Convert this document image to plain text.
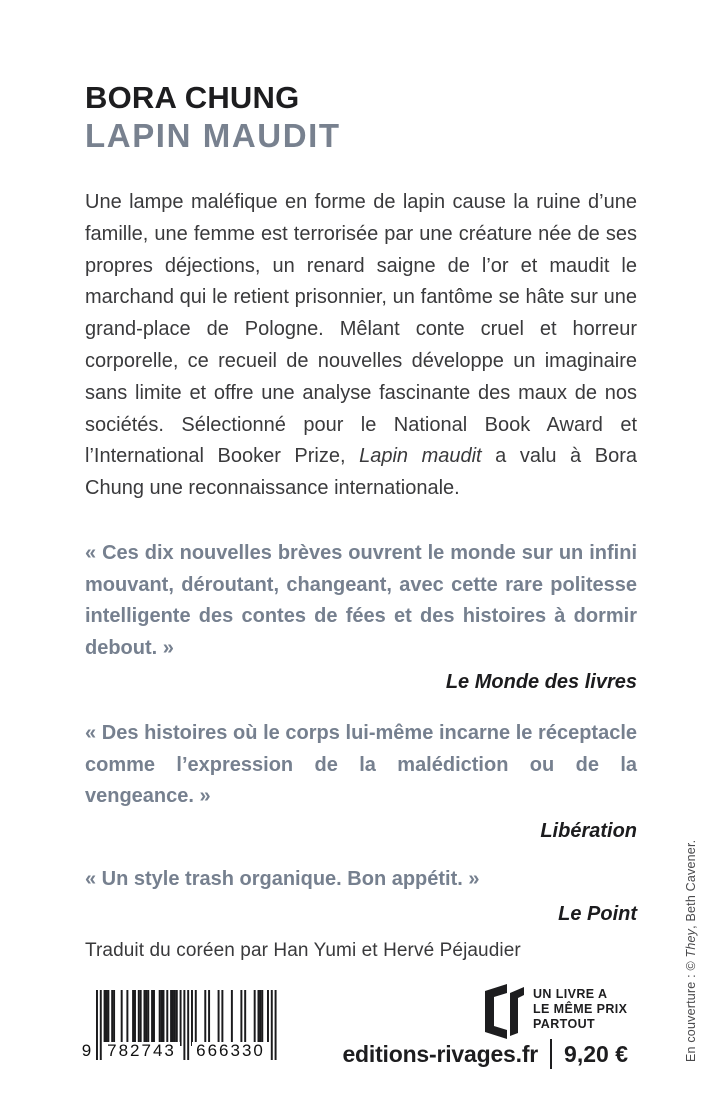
BORA CHUNG
LAPIN MAUDIT

Une lampe maléfique en forme de lapin cause la ruine d’une famille, une femme est terrorisée par une créature née de ses propres déjections, un renard saigne de l’or et maudit le marchand qui le retient prisonnier, un fantôme se hâte sur une grand-place de Pologne. Mêlant conte cruel et horreur corporelle, ce recueil de nouvelles développe un imaginaire sans limite et offre une analyse fascinante des maux de nos sociétés. Sélectionné pour le National Book Award et l’International Booker Prize, Lapin maudit a valu à Bora Chung une reconnaissance internationale.

« Ces dix nouvelles brèves ouvrent le monde sur un infini mouvant, déroutant, changeant, avec cette rare politesse intelligente des contes de fées et des histoires à dormir debout. »

Le Monde des livres

« Des histoires où le corps lui-même incarne le réceptacle comme l’expression de la malédiction ou de la vengeance. »

Libération

« Un style trash organique. Bon appétit. »

Le Point
Traduit du coréen par Han Yumi et Hervé Péjaudier
9 782743 666330
UN LIVRE A
LE MÊME PRIX
PARTOUT
editions-rivages.fr 9,20 €	En couverture : © They, Beth Cavener.
